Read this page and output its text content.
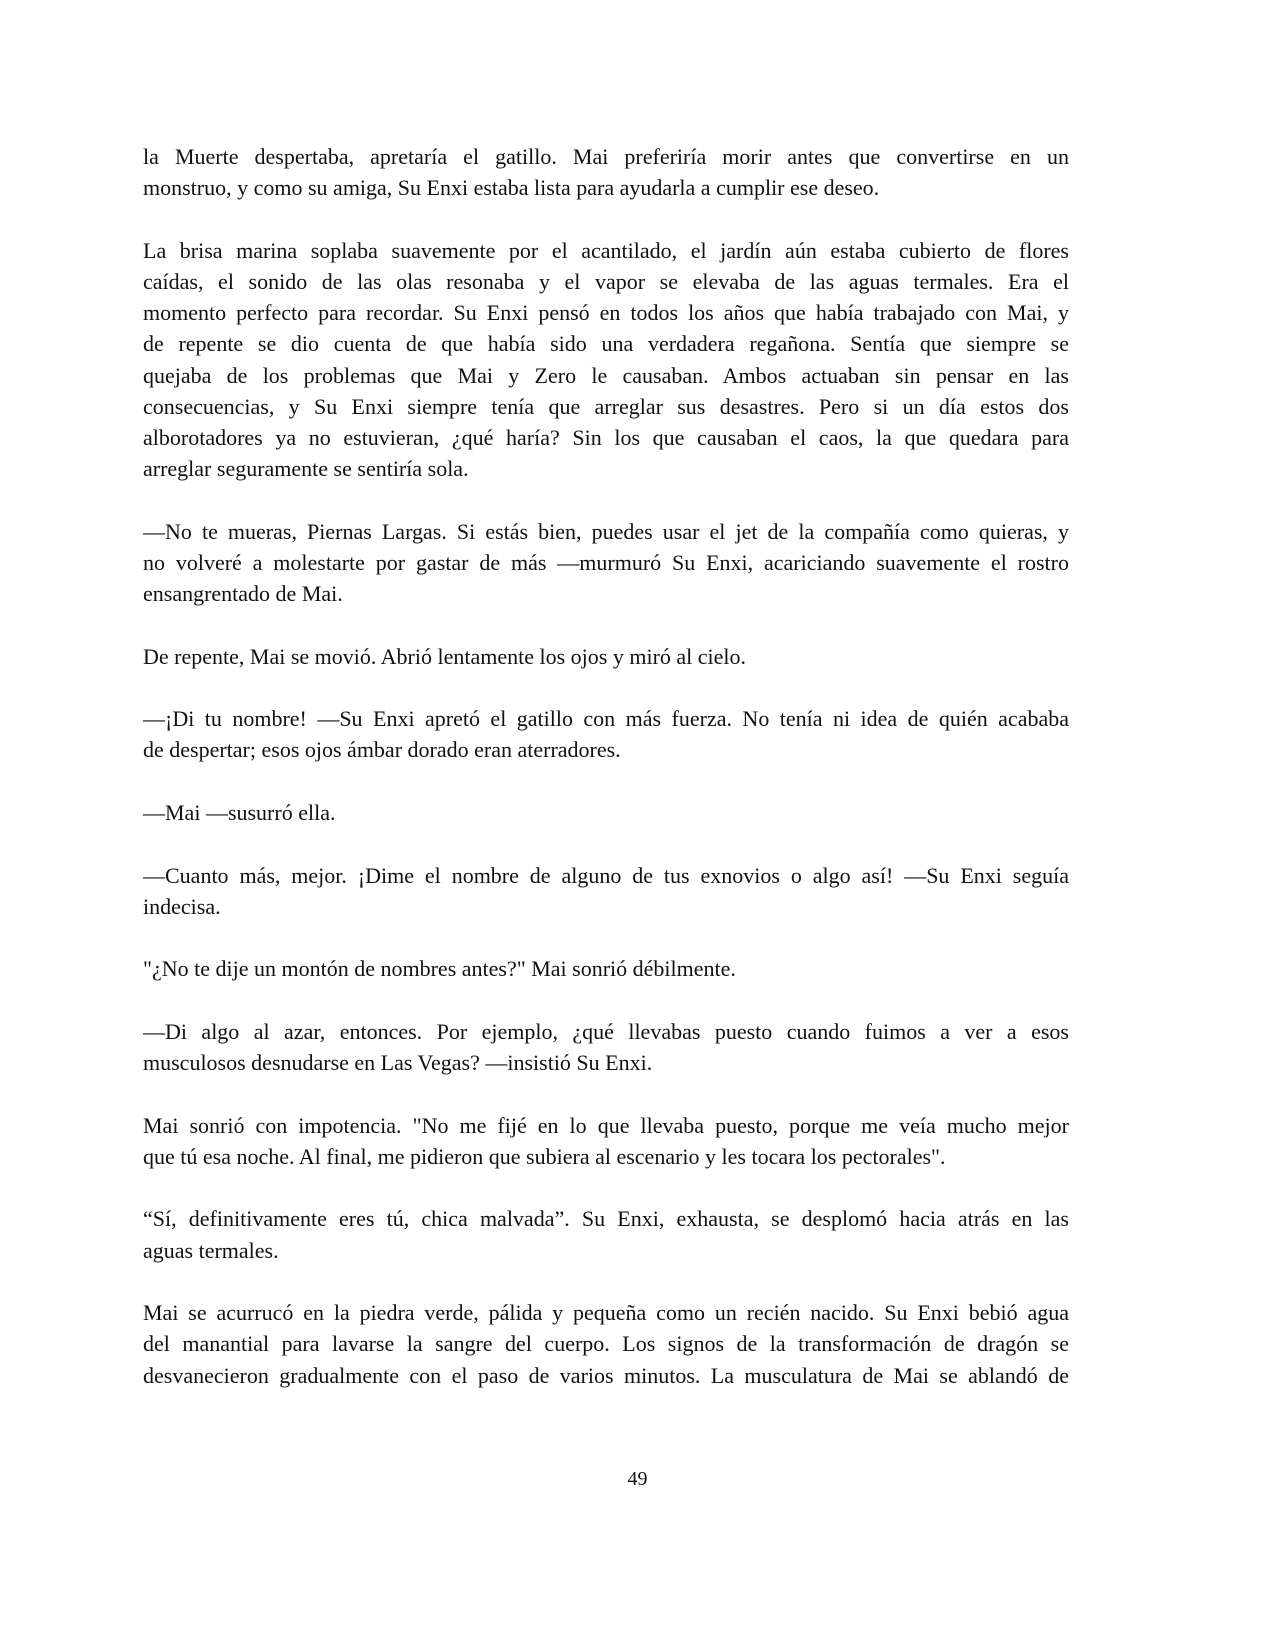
la Muerte despertaba, apretaría el gatillo. Mai preferiría morir antes que convertirse en un
monstruo, y como su amiga, Su Enxi estaba lista para ayudarla a cumplir ese deseo.
La brisa marina soplaba suavemente por el acantilado, el jardín aún estaba cubierto de flores
caídas, el sonido de las olas resonaba y el vapor se elevaba de las aguas termales. Era el
momento perfecto para recordar. Su Enxi pensó en todos los años que había trabajado con Mai, y
de repente se dio cuenta de que había sido una verdadera regañona. Sentía que siempre se
quejaba de los problemas que Mai y Zero le causaban. Ambos actuaban sin pensar en las
consecuencias, y Su Enxi siempre tenía que arreglar sus desastres. Pero si un día estos dos
alborotadores ya no estuvieran, ¿qué haría? Sin los que causaban el caos, la que quedara para
arreglar seguramente se sentiría sola.
—No te mueras, Piernas Largas. Si estás bien, puedes usar el jet de la compañía como quieras, y
no volveré a molestarte por gastar de más —murmuró Su Enxi, acariciando suavemente el rostro
ensangrentado de Mai.
De repente, Mai se movió. Abrió lentamente los ojos y miró al cielo.
—¡Di tu nombre! —Su Enxi apretó el gatillo con más fuerza. No tenía ni idea de quién acababa
de despertar; esos ojos ámbar dorado eran aterradores.
—Mai —susurró ella.
—Cuanto más, mejor. ¡Dime el nombre de alguno de tus exnovios o algo así! —Su Enxi seguía
indecisa.
"¿No te dije un montón de nombres antes?" Mai sonrió débilmente.
—Di algo al azar, entonces. Por ejemplo, ¿qué llevabas puesto cuando fuimos a ver a esos
musculosos desnudarse en Las Vegas? —insistió Su Enxi.
Mai sonrió con impotencia. "No me fijé en lo que llevaba puesto, porque me veía mucho mejor
que tú esa noche. Al final, me pidieron que subiera al escenario y les tocara los pectorales".
“Sí, definitivamente eres tú, chica malvada”. Su Enxi, exhausta, se desplomó hacia atrás en las
aguas termales.
Mai se acurrucó en la piedra verde, pálida y pequeña como un recién nacido. Su Enxi bebió agua
del manantial para lavarse la sangre del cuerpo. Los signos de la transformación de dragón se
desvanecieron gradualmente con el paso de varios minutos. La musculatura de Mai se ablandó de
49
